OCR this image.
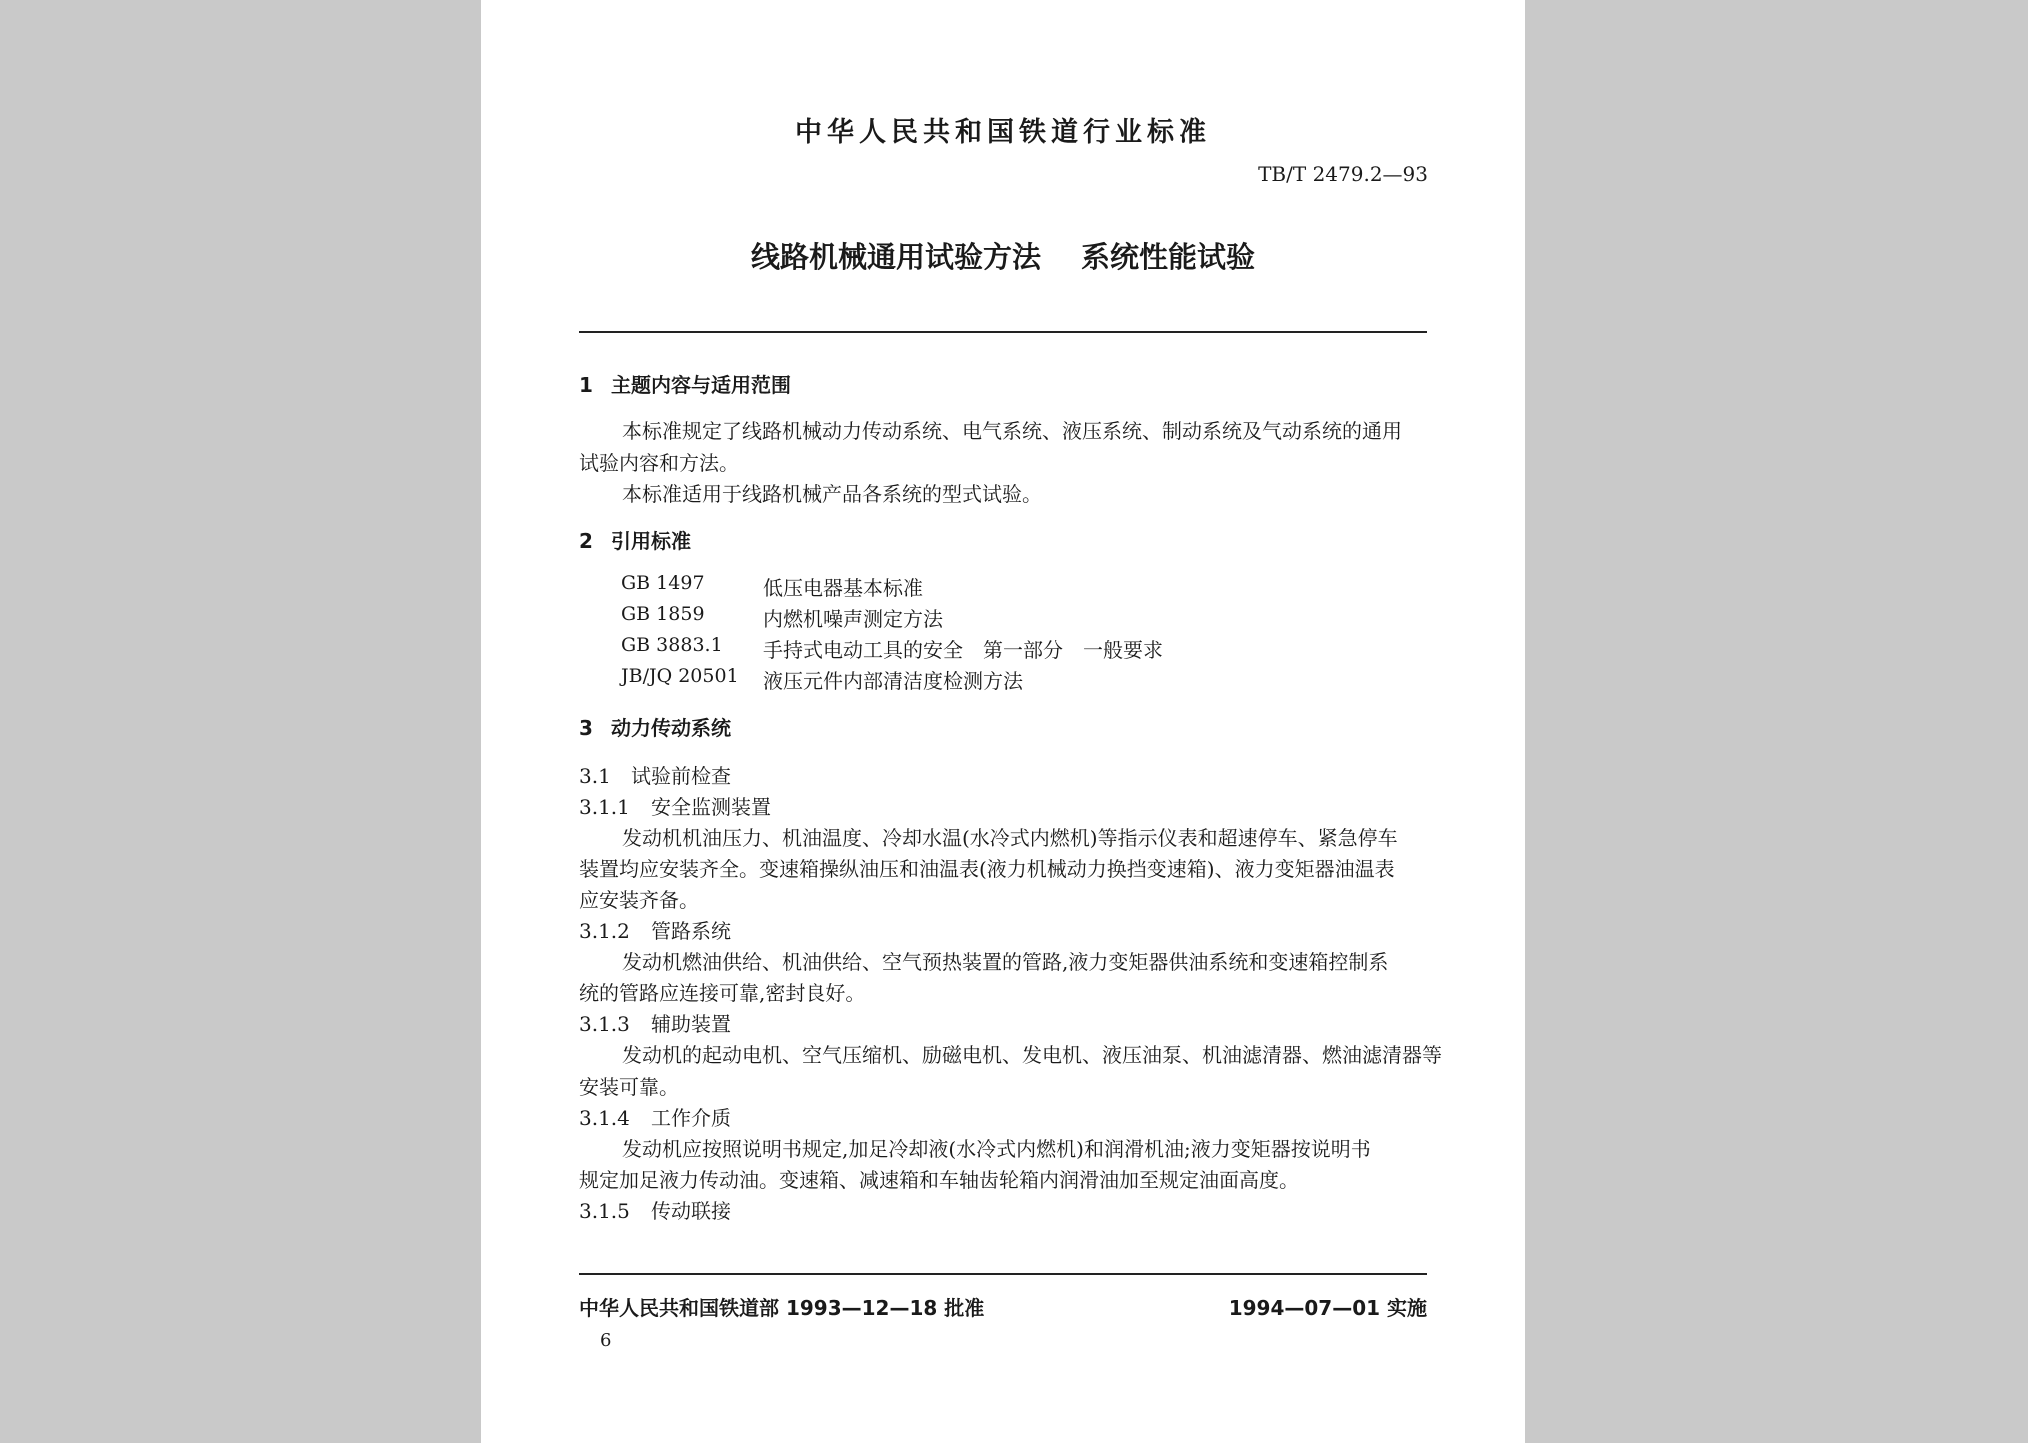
中华人民共和国铁道行业标准
TB/T 2479.2—93
线路机械通用试验方法 系统性能试验
1 主题内容与适用范围
本标准规定了线路机械动力传动系统、电气系统、液压系统、制动系统及气动系统的通用
试验内容和方法。
本标准适用于线路机械产品各系统的型式试验。
2 引用标准
GB 1497	低压电器基本标准
GB 1859	内燃机噪声测定方法
GB 3883.1 手持式电动工具的安全　第一部分　一般要求
JB/JQ 20501 液压元件内部清洁度检测方法
3 动力传动系统
3.1 试验前检查
3.1.1 安全监测装置
发动机机油压力、机油温度、冷却水温(水冷式内燃机)等指示仪表和超速停车、紧急停车
装置均应安装齐全。变速箱操纵油压和油温表(液力机械动力换挡变速箱)、液力变矩器油温表
应安装齐备。
3.1.2 管路系统
发动机燃油供给、机油供给、空气预热装置的管路,液力变矩器供油系统和变速箱控制系
统的管路应连接可靠,密封良好。
3.1.3 辅助装置
发动机的起动电机、空气压缩机、励磁电机、发电机、液压油泵、机油滤清器、燃油滤清器等
安装可靠。
3.1.4 工作介质
发动机应按照说明书规定,加足冷却液(水冷式内燃机)和润滑机油;液力变矩器按说明书
规定加足液力传动油。变速箱、减速箱和车轴齿轮箱内润滑油加至规定油面高度。
3.1.5 传动联接
中华人民共和国铁道部 1993—12—18 批准	1994—07—01 实施
6
